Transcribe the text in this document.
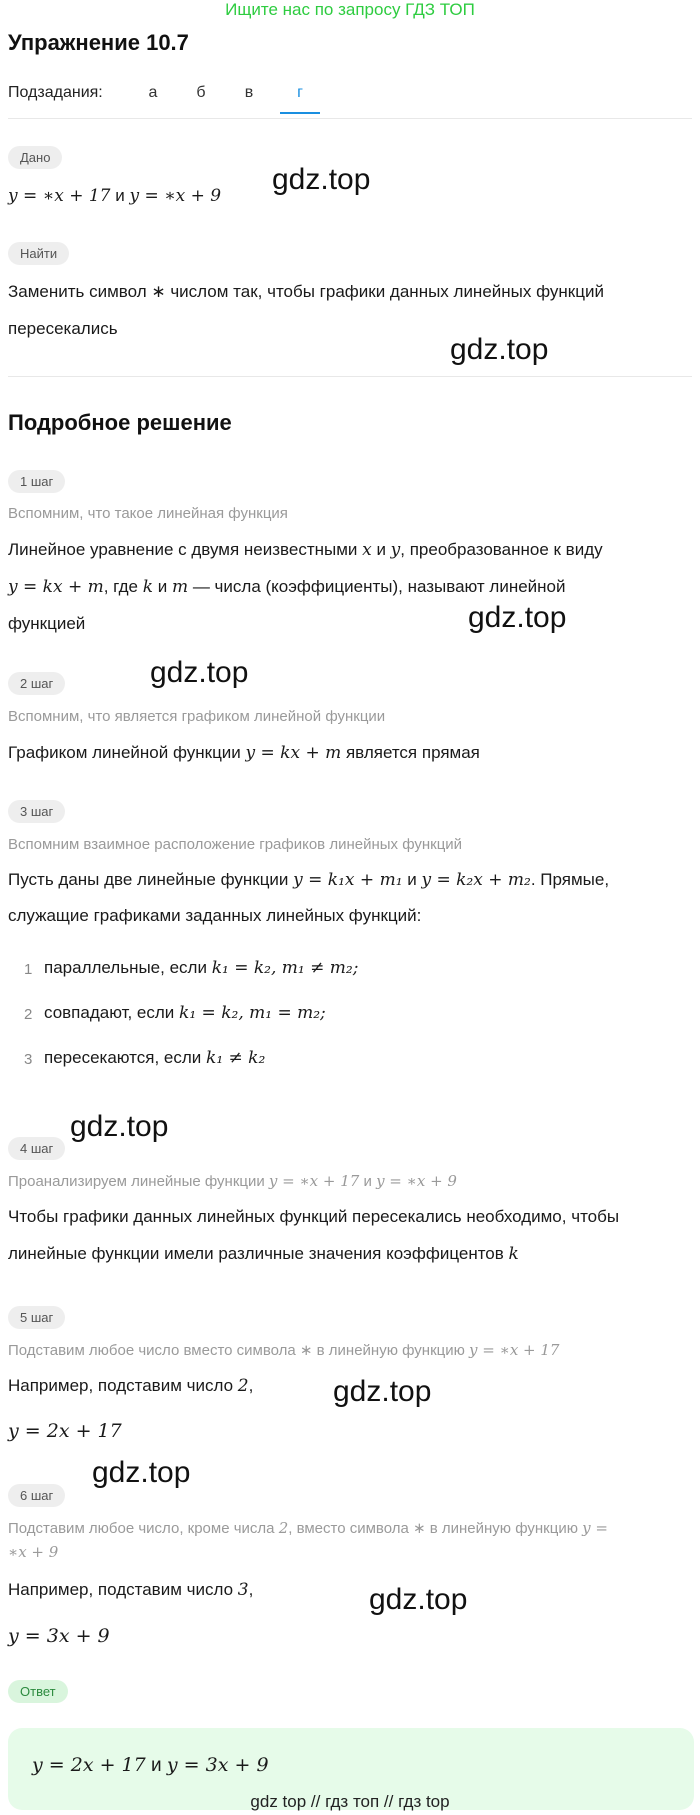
Ищите нас по запросу ГДЗ ТОП
Упражнение 10.7
Подзадания:	а	б	в	г
Дано
y = ∗x + 17 и y = ∗x + 9 gdz.top
Найти
Заменить символ ∗ числом так, чтобы графики данных линейных функций
пересекались
gdz.top
Подробное решение
1 шаг
Вспомним, что такое линейная функция
Линейное уравнение с двумя неизвестными x и y, преобразованное к виду
y = kx + m, где k и m — числа (коэффициенты), называют линейной
функцией	gdz.top
gdz.top
2 шаг
Вспомним, что является графиком линейной функции
Графиком линейной функции y = kx + m является прямая
3 шаг
Вспомним взаимное расположение графиков линейных функций
Пусть даны две линейные функции y = k₁x + m₁ и y = k₂x + m₂. Прямые,
служащие графиками заданных линейных функций:
1 параллельные, если k₁ = k₂, m₁ ≠ m₂;
2 совпадают, если k₁ = k₂, m₁ = m₂;
3 пересекаются, если k₁ ≠ k₂
gdz.top
4 шаг
Проанализируем линейные функции y = ∗x + 17 и y = ∗x + 9
Чтобы графики данных линейных функций пересекались необходимо, чтобы
линейные функции имели различные значения коэффицентов k
5 шаг
Подставим любое число вместо символа ∗ в линейную функцию y = ∗x + 17
Например, подставим число 2,	gdz.top
y = 2x + 17
gdz.top
6 шаг
Подставим любое число, кроме числа 2, вместо символа ∗ в линейную функцию y =
∗x + 9
Например, подставим число 3,	gdz.top
y = 3x + 9
Ответ
y = 2x + 17 и y = 3x + 9
gdz top // гдз топ // гдз top
